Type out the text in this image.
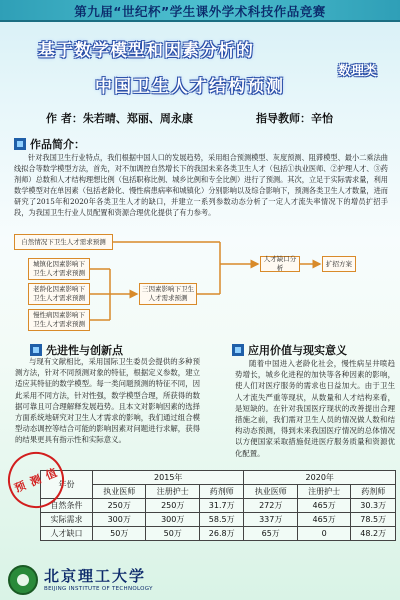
第九届“世纪杯”学生课外学术科技作品竞赛
基于数学模型和因素分析的
中国卫生人才结构预测
数理类
作 者：朱若晴、郑丽、周永康	指导教师：辛怡
作品简介：
针对我国卫生行业特点，我们根据中国人口的发展趋势，采用组合预测模型、灰度预测、阻滞模型、最小二乘法曲线拟合等数学模型方法，首先，对不加调控自然增长下的我国未来各类卫生人才（包括①执业医师、②护理人才、③药剂师）总数和人才结构理想比例（包括职称比例、城乡比例和专全比例）进行了预测。其次，立足于实际需求量，利用数学模型对在单因素（包括老龄化、慢性病患病率和城镇化）分别影响以及综合影响下，预测各类卫生人才数量，进而研究了2015年和2020年各类卫生人才的缺口，并建立一系列参数动态分析了一定人才流失率情况下的增员扩招手段，为我国卫生行业人员配置和资源合理优化提供了有力参考。
自然情况下卫生人才需求预测
城镇化因素影响下卫生人才需求预测
老龄化因素影响下卫生人才需求预测
慢性病因素影响下卫生人才需求预测
三因素影响下卫生人才需求预测
人才缺口分析
扩招方案
先进性与创新点
与现有文献相比，采用国际卫生委员会提供的多种预测方法，针对不同预测对象的特征，根据定义参数，建立适应其特征的数学模型。每一类问题预测的特征不同，因此采用不同方法，针对性强，数学模型合理，所获得的数据可靠且可合理解释发展趋势。且本文对影响因素的选择方面系统地研究对卫生人才需求的影响，我们通过组合模型动态调控等结合可能的影响因素对问题进行求解，获得的结果更具有指示性和实际意义。
应用价值与现实意义
随着中国进入老龄化社会，慢性病呈井喷趋势增长，城乡化进程的加快等各种因素的影响，使人们对医疗服务的需求也日益加大。由于卫生人才流失严重等现状，从数量和人才结构来看，是短缺的。在针对我国医疗现状的改善提出合理措施之前，我们需对卫生人员的情况做人数和结构动态预测，得到未来我国医疗情况的总体情况以方便国家采取措施促进医疗服务质量和资源优化配置。
年份	2015年			2020年		
	执业医师	注册护士	药剂师	执业医师	注册护士	药剂师
自然条件	250万	250万	31.7万	272万	465万	30.3万
实际需求	300万	300万	58.5万	337万	465万	78.5万
人才缺口	50万	50万	26.8万	65万	0	48.2万
预 测 值
北京理工大学
BEIJING INSTITUTE OF TECHNOLOGY
